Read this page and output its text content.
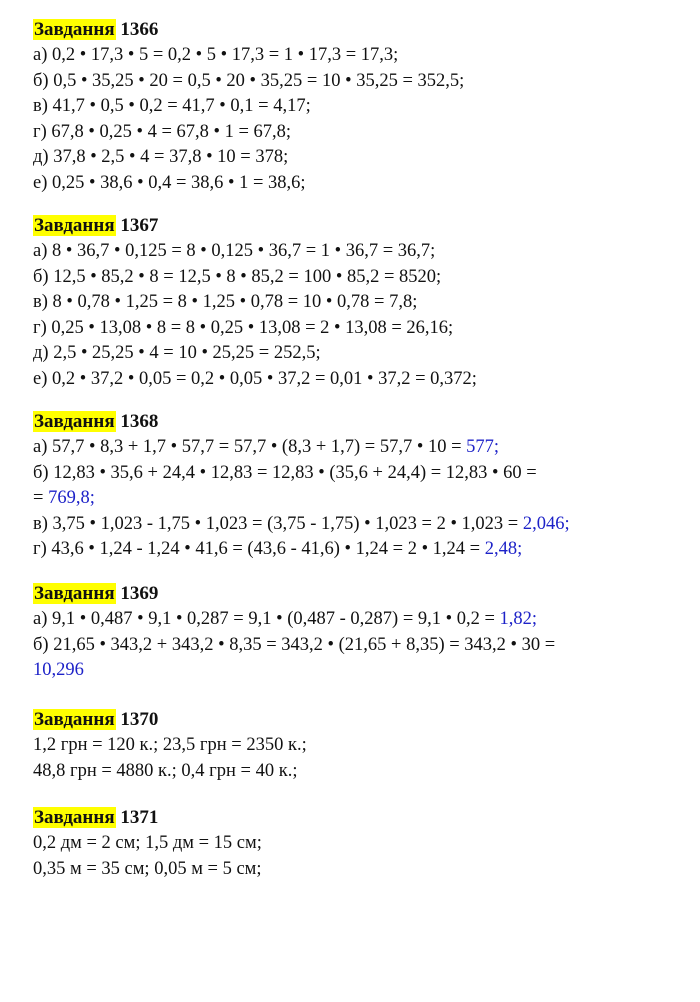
Завдання 1366
а) 0,2 • 17,3 • 5 = 0,2 • 5 • 17,3 = 1 • 17,3 = 17,3;
б) 0,5 • 35,25 • 20 = 0,5 • 20 • 35,25 = 10 • 35,25 = 352,5;
в) 41,7 • 0,5 • 0,2 = 41,7 • 0,1 = 4,17;
г) 67,8 • 0,25 • 4 = 67,8 • 1 = 67,8;
д) 37,8 • 2,5 • 4 = 37,8 • 10 = 378;
е) 0,25 • 38,6 • 0,4 = 38,6 • 1 = 38,6;
Завдання 1367
а) 8 • 36,7 • 0,125 = 8 • 0,125 • 36,7 = 1 • 36,7 = 36,7;
б) 12,5 • 85,2 • 8 = 12,5 • 8 • 85,2 = 100 • 85,2 = 8520;
в) 8 • 0,78 • 1,25 = 8 • 1,25 • 0,78 = 10 • 0,78 = 7,8;
г) 0,25 • 13,08 • 8 = 8 • 0,25 • 13,08 = 2 • 13,08 = 26,16;
д) 2,5 • 25,25 • 4 = 10 • 25,25 = 252,5;
е) 0,2 • 37,2 • 0,05 = 0,2 • 0,05 • 37,2 = 0,01 • 37,2 = 0,372;
Завдання 1368
а) 57,7 • 8,3 + 1,7 • 57,7 = 57,7 • (8,3 + 1,7) = 57,7 • 10 = 577;
б) 12,83 • 35,6 + 24,4 • 12,83 = 12,83 • (35,6 + 24,4) = 12,83 • 60 =
= 769,8;
в) 3,75 • 1,023 - 1,75 • 1,023 = (3,75 - 1,75) • 1,023 = 2 • 1,023 = 2,046;
г) 43,6 • 1,24 - 1,24 • 41,6 = (43,6 - 41,6) • 1,24 = 2 • 1,24 = 2,48;
Завдання 1369
а) 9,1 • 0,487 • 9,1 • 0,287 = 9,1 • (0,487 - 0,287) = 9,1 • 0,2 = 1,82;
б) 21,65 • 343,2 + 343,2 • 8,35 = 343,2 • (21,65 + 8,35) = 343,2 • 30 =
10,296
Завдання 1370
1,2 грн = 120 к.; 23,5 грн = 2350 к.;
48,8 грн = 4880 к.; 0,4 грн = 40 к.;
Завдання 1371
0,2 дм = 2 см; 1,5 дм = 15 см;
0,35 м = 35 см; 0,05 м = 5 см;
